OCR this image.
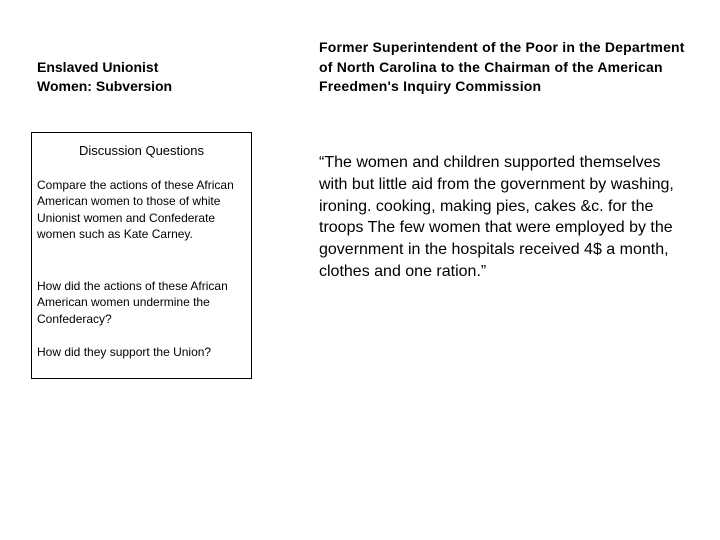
Enslaved Unionist
Women: Subversion
Discussion Questions
Compare the actions of these African American women to those of white Unionist women and Confederate women such as Kate Carney.
How did the actions of these African American women undermine the Confederacy?
How did they support the Union?
Former Superintendent of the Poor in the Department of North Carolina to the Chairman of the American Freedmen's Inquiry Commission
“The women and children supported themselves with but little aid from the government by washing, ironing. cooking, making pies, cakes &c. for the troops The few women that were employed by the government in the hospitals received 4$ a month, clothes and one ration.”
